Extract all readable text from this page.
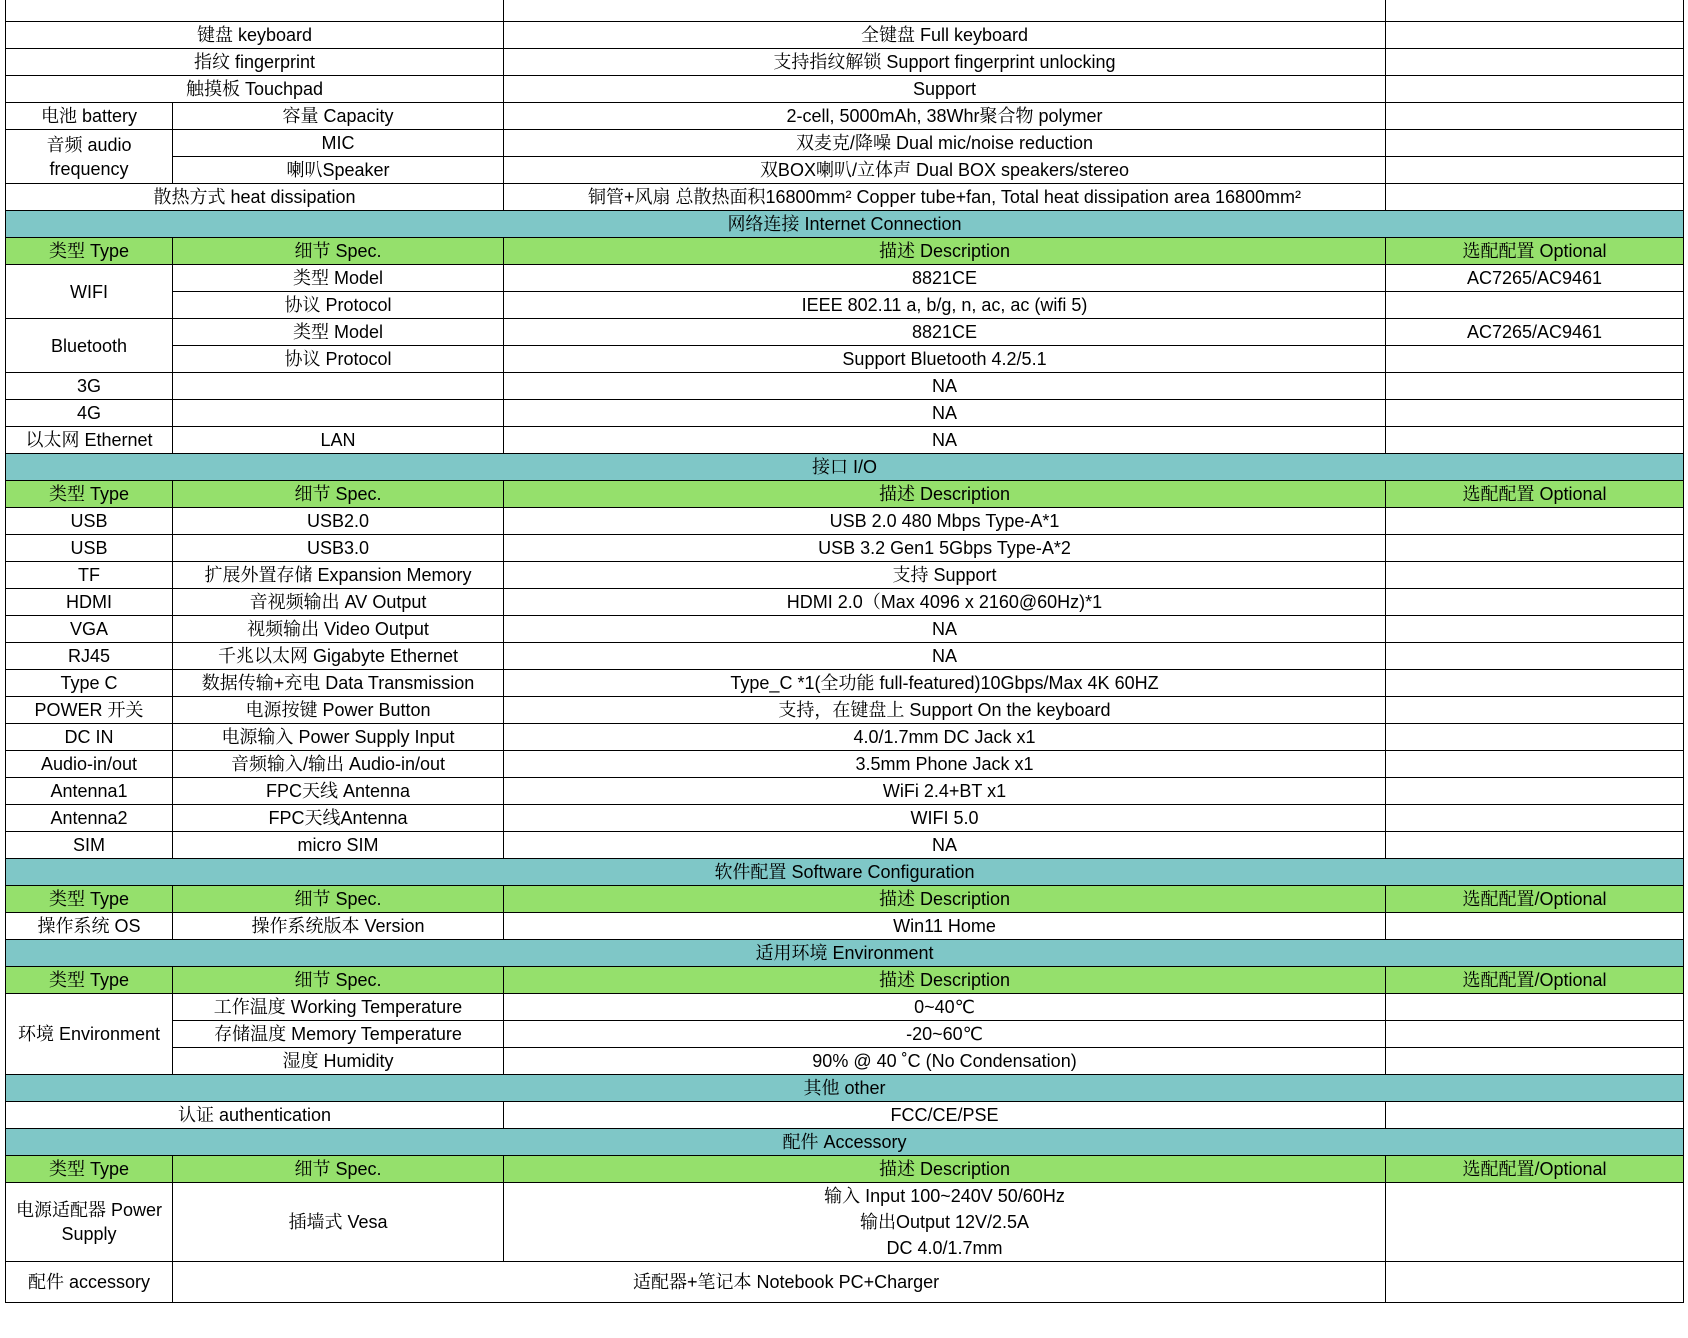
键盘 keyboard		全键盘 Full keyboard	
指纹 fingerprint		支持指纹解锁 Support fingerprint unlocking	
触摸板 Touchpad		Support	
电池 battery	容量 Capacity	2-cell, 5000mAh, 38Whr聚合物 polymer	
音频 audio frequency	MIC	双麦克/降噪 Dual mic/noise reduction	
	喇叭Speaker	双BOX喇叭/立体声 Dual BOX speakers/stereo	
散热方式 heat dissipation		铜管+风扇 总散热面积16800mm² Copper tube+fan, Total heat dissipation area 16800mm²	
网络连接 Internet Connection			
类型 Type	细节 Spec.	描述 Description	选配配置 Optional
WIFI	类型 Model	8821CE	AC7265/AC9461
	协议 Protocol	IEEE 802.11 a, b/g, n, ac, ac (wifi 5)	
Bluetooth	类型 Model	8821CE	AC7265/AC9461
	协议 Protocol	Support Bluetooth 4.2/5.1	
3G		NA	
4G		NA	
以太网 Ethernet	LAN	NA	
接口 I/O			
类型 Type	细节 Spec.	描述 Description	选配配置 Optional
USB	USB2.0	USB 2.0 480 Mbps Type-A*1	
USB	USB3.0	USB 3.2 Gen1 5Gbps Type-A*2	
TF	扩展外置存储 Expansion Memory	支持 Support	
HDMI	音视频输出 AV Output	HDMI 2.0（Max 4096 x 2160@60Hz)*1	
VGA	视频输出 Video Output	NA	
RJ45	千兆以太网 Gigabyte Ethernet	NA	
Type C	数据传输+充电 Data Transmission	Type_C *1(全功能 full-featured)10Gbps/Max 4K 60HZ	
POWER 开关	电源按键 Power Button	支持，在键盘上 Support On the keyboard	
DC IN	电源输入 Power Supply Input	4.0/1.7mm DC Jack x1	
Audio-in/out	音频输入/输出 Audio-in/out	3.5mm Phone Jack x1	
Antenna1	FPC天线 Antenna	WiFi 2.4+BT x1	
Antenna2	FPC天线Antenna	WIFI 5.0	
SIM	micro SIM	NA	
软件配置 Software Configuration			
类型 Type	细节 Spec.	描述 Description	选配配置/Optional
操作系统 OS	操作系统版本 Version	Win11 Home	
适用环境 Environment			
类型 Type	细节 Spec.	描述 Description	选配配置/Optional
环境 Environment	工作温度 Working Temperature	0~40℃	
	存储温度 Memory Temperature	-20~60℃	
	湿度 Humidity	90% @ 40 ˚C (No Condensation)	
其他 other			
认证 authentication		FCC/CE/PSE	
配件 Accessory			
类型 Type	细节 Spec.	描述 Description	选配配置/Optional
电源适配器 Power Supply	插墙式 Vesa	输入 Input 100~240V 50/60Hz
输出Output 12V/2.5A
DC 4.0/1.7mm	

配件 accessory	适配器+笔记本 Notebook PC+Charger		
